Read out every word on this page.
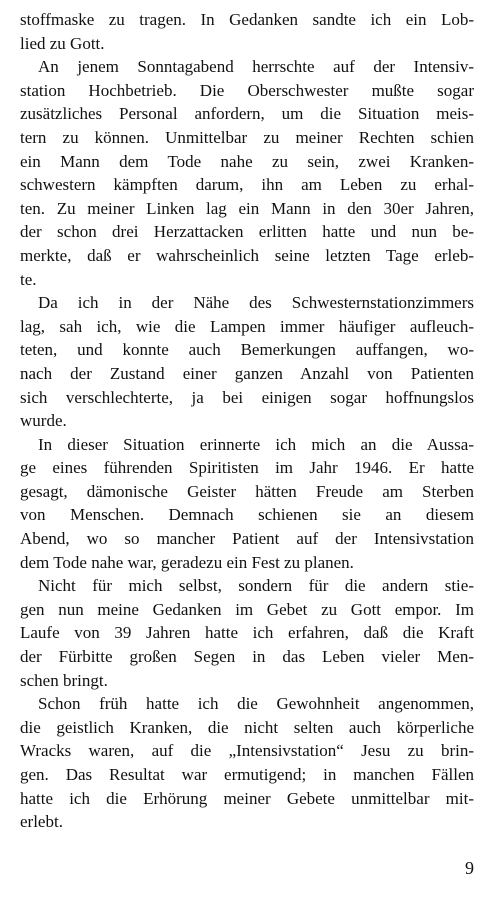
stoffmaske zu tragen. In Gedanken sandte ich ein Lob-
lied zu Gott.
An jenem Sonntagabend herrschte auf der Intensiv-
station Hochbetrieb. Die Oberschwester mußte sogar
zusätzliches Personal anfordern, um die Situation meis-
tern zu können. Unmittelbar zu meiner Rechten schien
ein Mann dem Tode nahe zu sein, zwei Kranken-
schwestern kämpften darum, ihn am Leben zu erhal-
ten. Zu meiner Linken lag ein Mann in den 30er Jahren,
der schon drei Herzattacken erlitten hatte und nun be-
merkte, daß er wahrscheinlich seine letzten Tage erleb-
te.
Da ich in der Nähe des Schwesternstationzimmers
lag, sah ich, wie die Lampen immer häufiger aufleuch-
teten, und konnte auch Bemerkungen auffangen, wo-
nach der Zustand einer ganzen Anzahl von Patienten
sich verschlechterte, ja bei einigen sogar hoffnungslos
wurde.
In dieser Situation erinnerte ich mich an die Aussa-
ge eines führenden Spiritisten im Jahr 1946. Er hatte
gesagt, dämonische Geister hätten Freude am Sterben
von Menschen. Demnach schienen sie an diesem
Abend, wo so mancher Patient auf der Intensivstation
dem Tode nahe war, geradezu ein Fest zu planen.
Nicht für mich selbst, sondern für die andern stie-
gen nun meine Gedanken im Gebet zu Gott empor. Im
Laufe von 39 Jahren hatte ich erfahren, daß die Kraft
der Fürbitte großen Segen in das Leben vieler Men-
schen bringt.
Schon früh hatte ich die Gewohnheit angenommen,
die geistlich Kranken, die nicht selten auch körperliche
Wracks waren, auf die „Intensivstation“ Jesu zu brin-
gen. Das Resultat war ermutigend; in manchen Fällen
hatte ich die Erhörung meiner Gebete unmittelbar mit-
erlebt.
9
